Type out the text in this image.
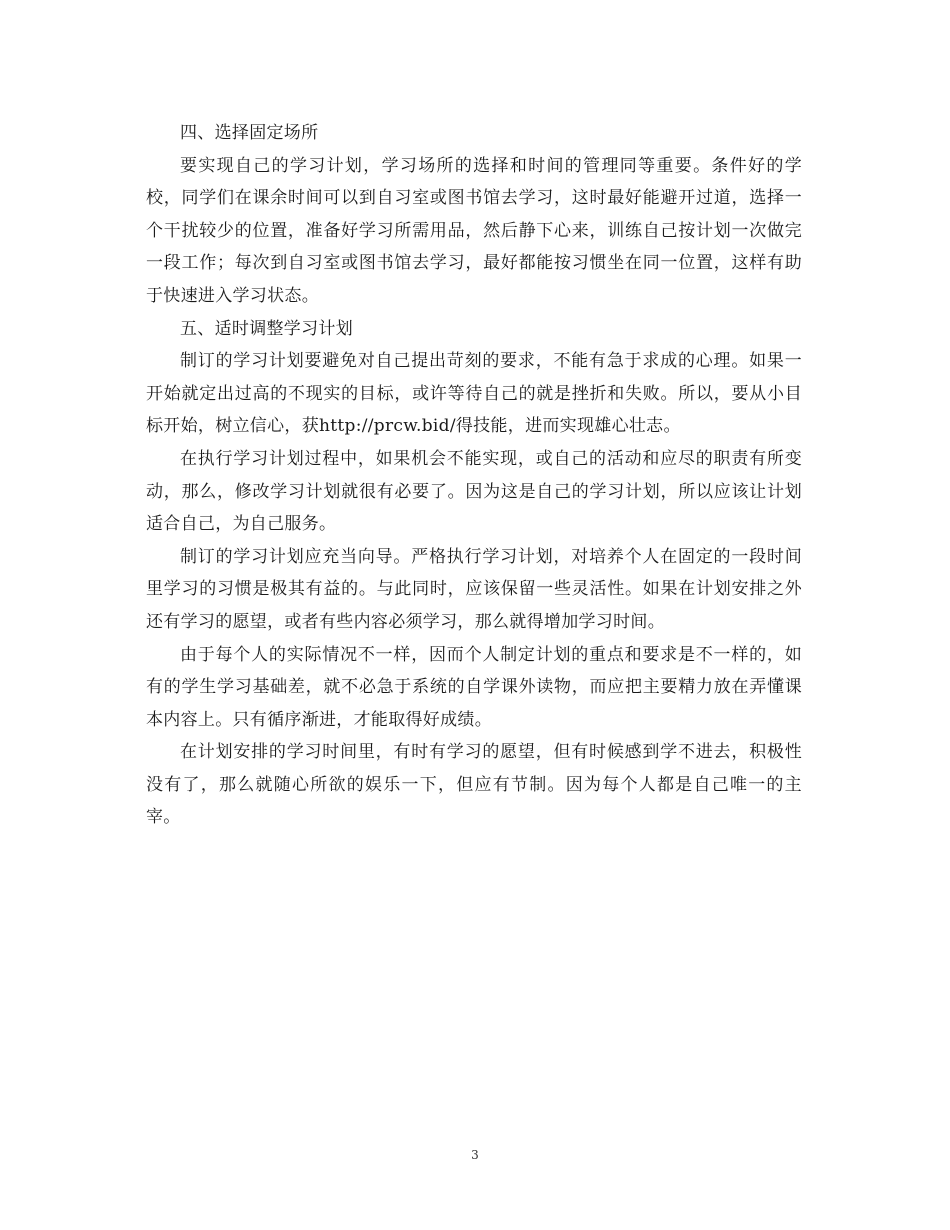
四、选择固定场所

要实现自己的学习计划，学习场所的选择和时间的管理同等重要。条件好的学校，同学们在课余时间可以到自习室或图书馆去学习，这时最好能避开过道，选择一个干扰较少的位置，准备好学习所需用品，然后静下心来，训练自己按计划一次做完一段工作；每次到自习室或图书馆去学习，最好都能按习惯坐在同一位置，这样有助于快速进入学习状态。

五、适时调整学习计划

制订的学习计划要避免对自己提出苛刻的要求，不能有急于求成的心理。如果一开始就定出过高的不现实的目标，或许等待自己的就是挫折和失败。所以，要从小目标开始，树立信心，获http://prcw.bid/得技能，进而实现雄心壮志。

在执行学习计划过程中，如果机会不能实现，或自己的活动和应尽的职责有所变动，那么，修改学习计划就很有必要了。因为这是自己的学习计划，所以应该让计划适合自己，为自己服务。

制订的学习计划应充当向导。严格执行学习计划，对培养个人在固定的一段时间里学习的习惯是极其有益的。与此同时，应该保留一些灵活性。如果在计划安排之外还有学习的愿望，或者有些内容必须学习，那么就得增加学习时间。

由于每个人的实际情况不一样，因而个人制定计划的重点和要求是不一样的，如有的学生学习基础差，就不必急于系统的自学课外读物，而应把主要精力放在弄懂课本内容上。只有循序渐进，才能取得好成绩。

在计划安排的学习时间里，有时有学习的愿望，但有时候感到学不进去，积极性没有了，那么就随心所欲的娱乐一下，但应有节制。因为每个人都是自己唯一的主宰。

3
